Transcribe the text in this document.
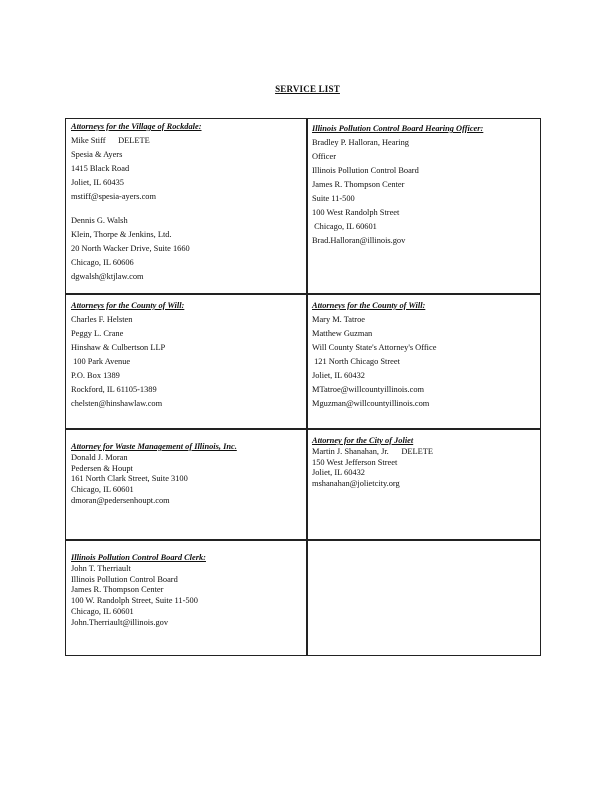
SERVICE LIST
Attorneys for the Village of Rockdale:
Mike Stiff      DELETE
Spesia & Ayers
1415 Black Road
Joliet, IL 60435
mstiff@spesia-ayers.com
Dennis G. Walsh
Klein, Thorpe & Jenkins, Ltd.
20 North Wacker Drive, Suite 1660
Chicago, IL 60606
dgwalsh@ktjlaw.com
Illinois Pollution Control Board Hearing Officer:
Bradley P. Halloran, Hearing
Officer
Illinois Pollution Control Board
James R. Thompson Center
Suite 11-500
100 West Randolph Street
Chicago, IL 60601
Brad.Halloran@illinois.gov
Attorneys for the County of Will:
Charles F. Helsten
Peggy L. Crane
Hinshaw & Culbertson LLP
100 Park Avenue
P.O. Box 1389
Rockford, IL 61105-1389
chelsten@hinshawlaw.com
Attorneys for the County of Will:
Mary M. Tatroe
Matthew Guzman
Will County State's Attorney's Office
121 North Chicago Street
Joliet, IL 60432
MTatroe@willcountyillinois.com
Mguzman@willcountyillinois.com
Attorney for Waste Management of Illinois, Inc.
Donald J. Moran
Pedersen & Houpt
161 North Clark Street, Suite 3100
Chicago, IL 60601
dmoran@pedersenhoupt.com
Attorney for the City of Joliet
Martin J. Shanahan, Jr.      DELETE
150 West Jefferson Street
Joliet, IL 60432
mshanahan@jolietcity.org
Illinois Pollution Control Board Clerk:
John T. Therriault
Illinois Pollution Control Board
James R. Thompson Center
100 W. Randolph Street, Suite 11-500
Chicago, IL 60601
John.Therriault@illinois.gov
